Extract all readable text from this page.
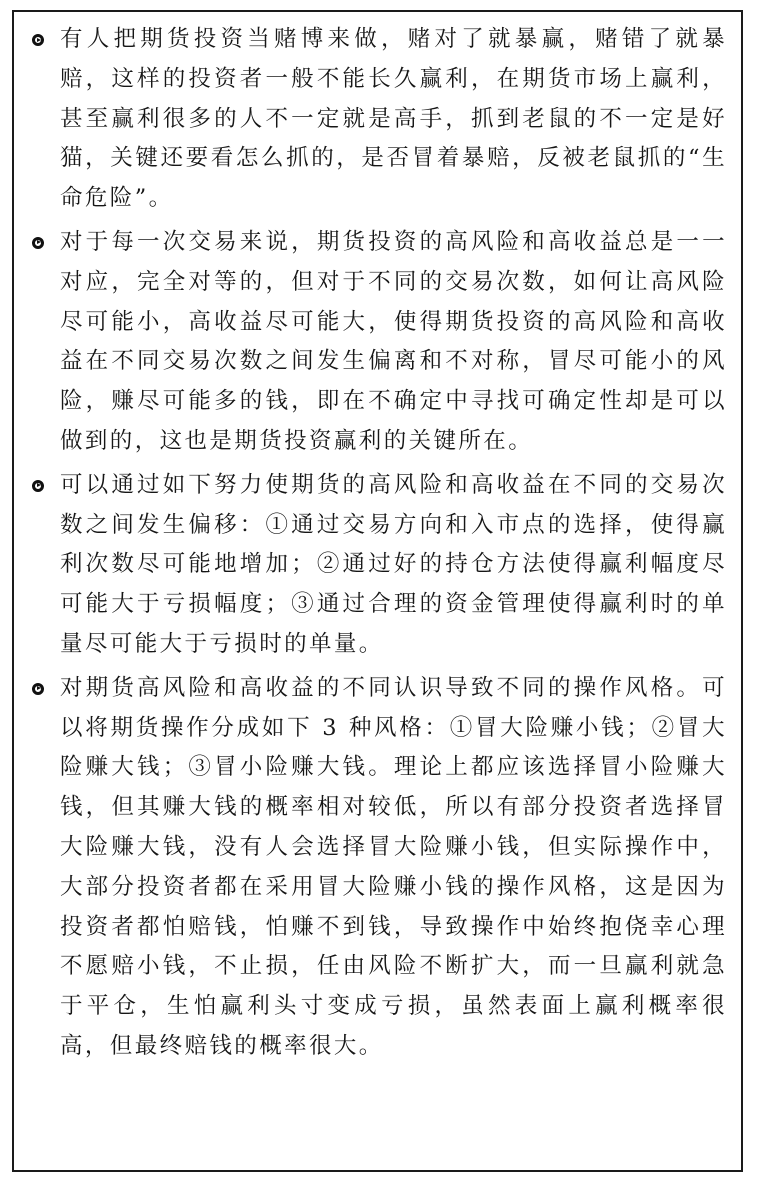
有人把期货投资当赌博来做，赌对了就暴赢，赌错了就暴赔，这样的投资者一般不能长久赢利，在期货市场上赢利，甚至赢利很多的人不一定就是高手，抓到老鼠的不一定是好猫，关键还要看怎么抓的，是否冒着暴赔，反被老鼠抓的“生命危险”。
对于每一次交易来说，期货投资的高风险和高收益总是一一对应，完全对等的，但对于不同的交易次数，如何让高风险尽可能小，高收益尽可能大，使得期货投资的高风险和高收益在不同交易次数之间发生偏离和不对称，冒尽可能小的风险，赚尽可能多的钱，即在不确定中寻找可确定性却是可以做到的，这也是期货投资赢利的关键所在。
可以通过如下努力使期货的高风险和高收益在不同的交易次数之间发生偏移：①通过交易方向和入市点的选择，使得赢利次数尽可能地增加；②通过好的持仓方法使得赢利幅度尽可能大于亏损幅度；③通过合理的资金管理使得赢利时的单量尽可能大于亏损时的单量。
对期货高风险和高收益的不同认识导致不同的操作风格。可以将期货操作分成如下 3 种风格：①冒大险赚小钱；②冒大险赚大钱；③冒小险赚大钱。理论上都应该选择冒小险赚大钱，但其赚大钱的概率相对较低，所以有部分投资者选择冒大险赚大钱，没有人会选择冒大险赚小钱，但实际操作中，大部分投资者都在采用冒大险赚小钱的操作风格，这是因为投资者都怕赔钱，怕赚不到钱，导致操作中始终抱侥幸心理不愿赔小钱，不止损，任由风险不断扩大，而一旦赢利就急于平仓，生怕赢利头寸变成亏损，虽然表面上赢利概率很高，但最终赔钱的概率很大。
